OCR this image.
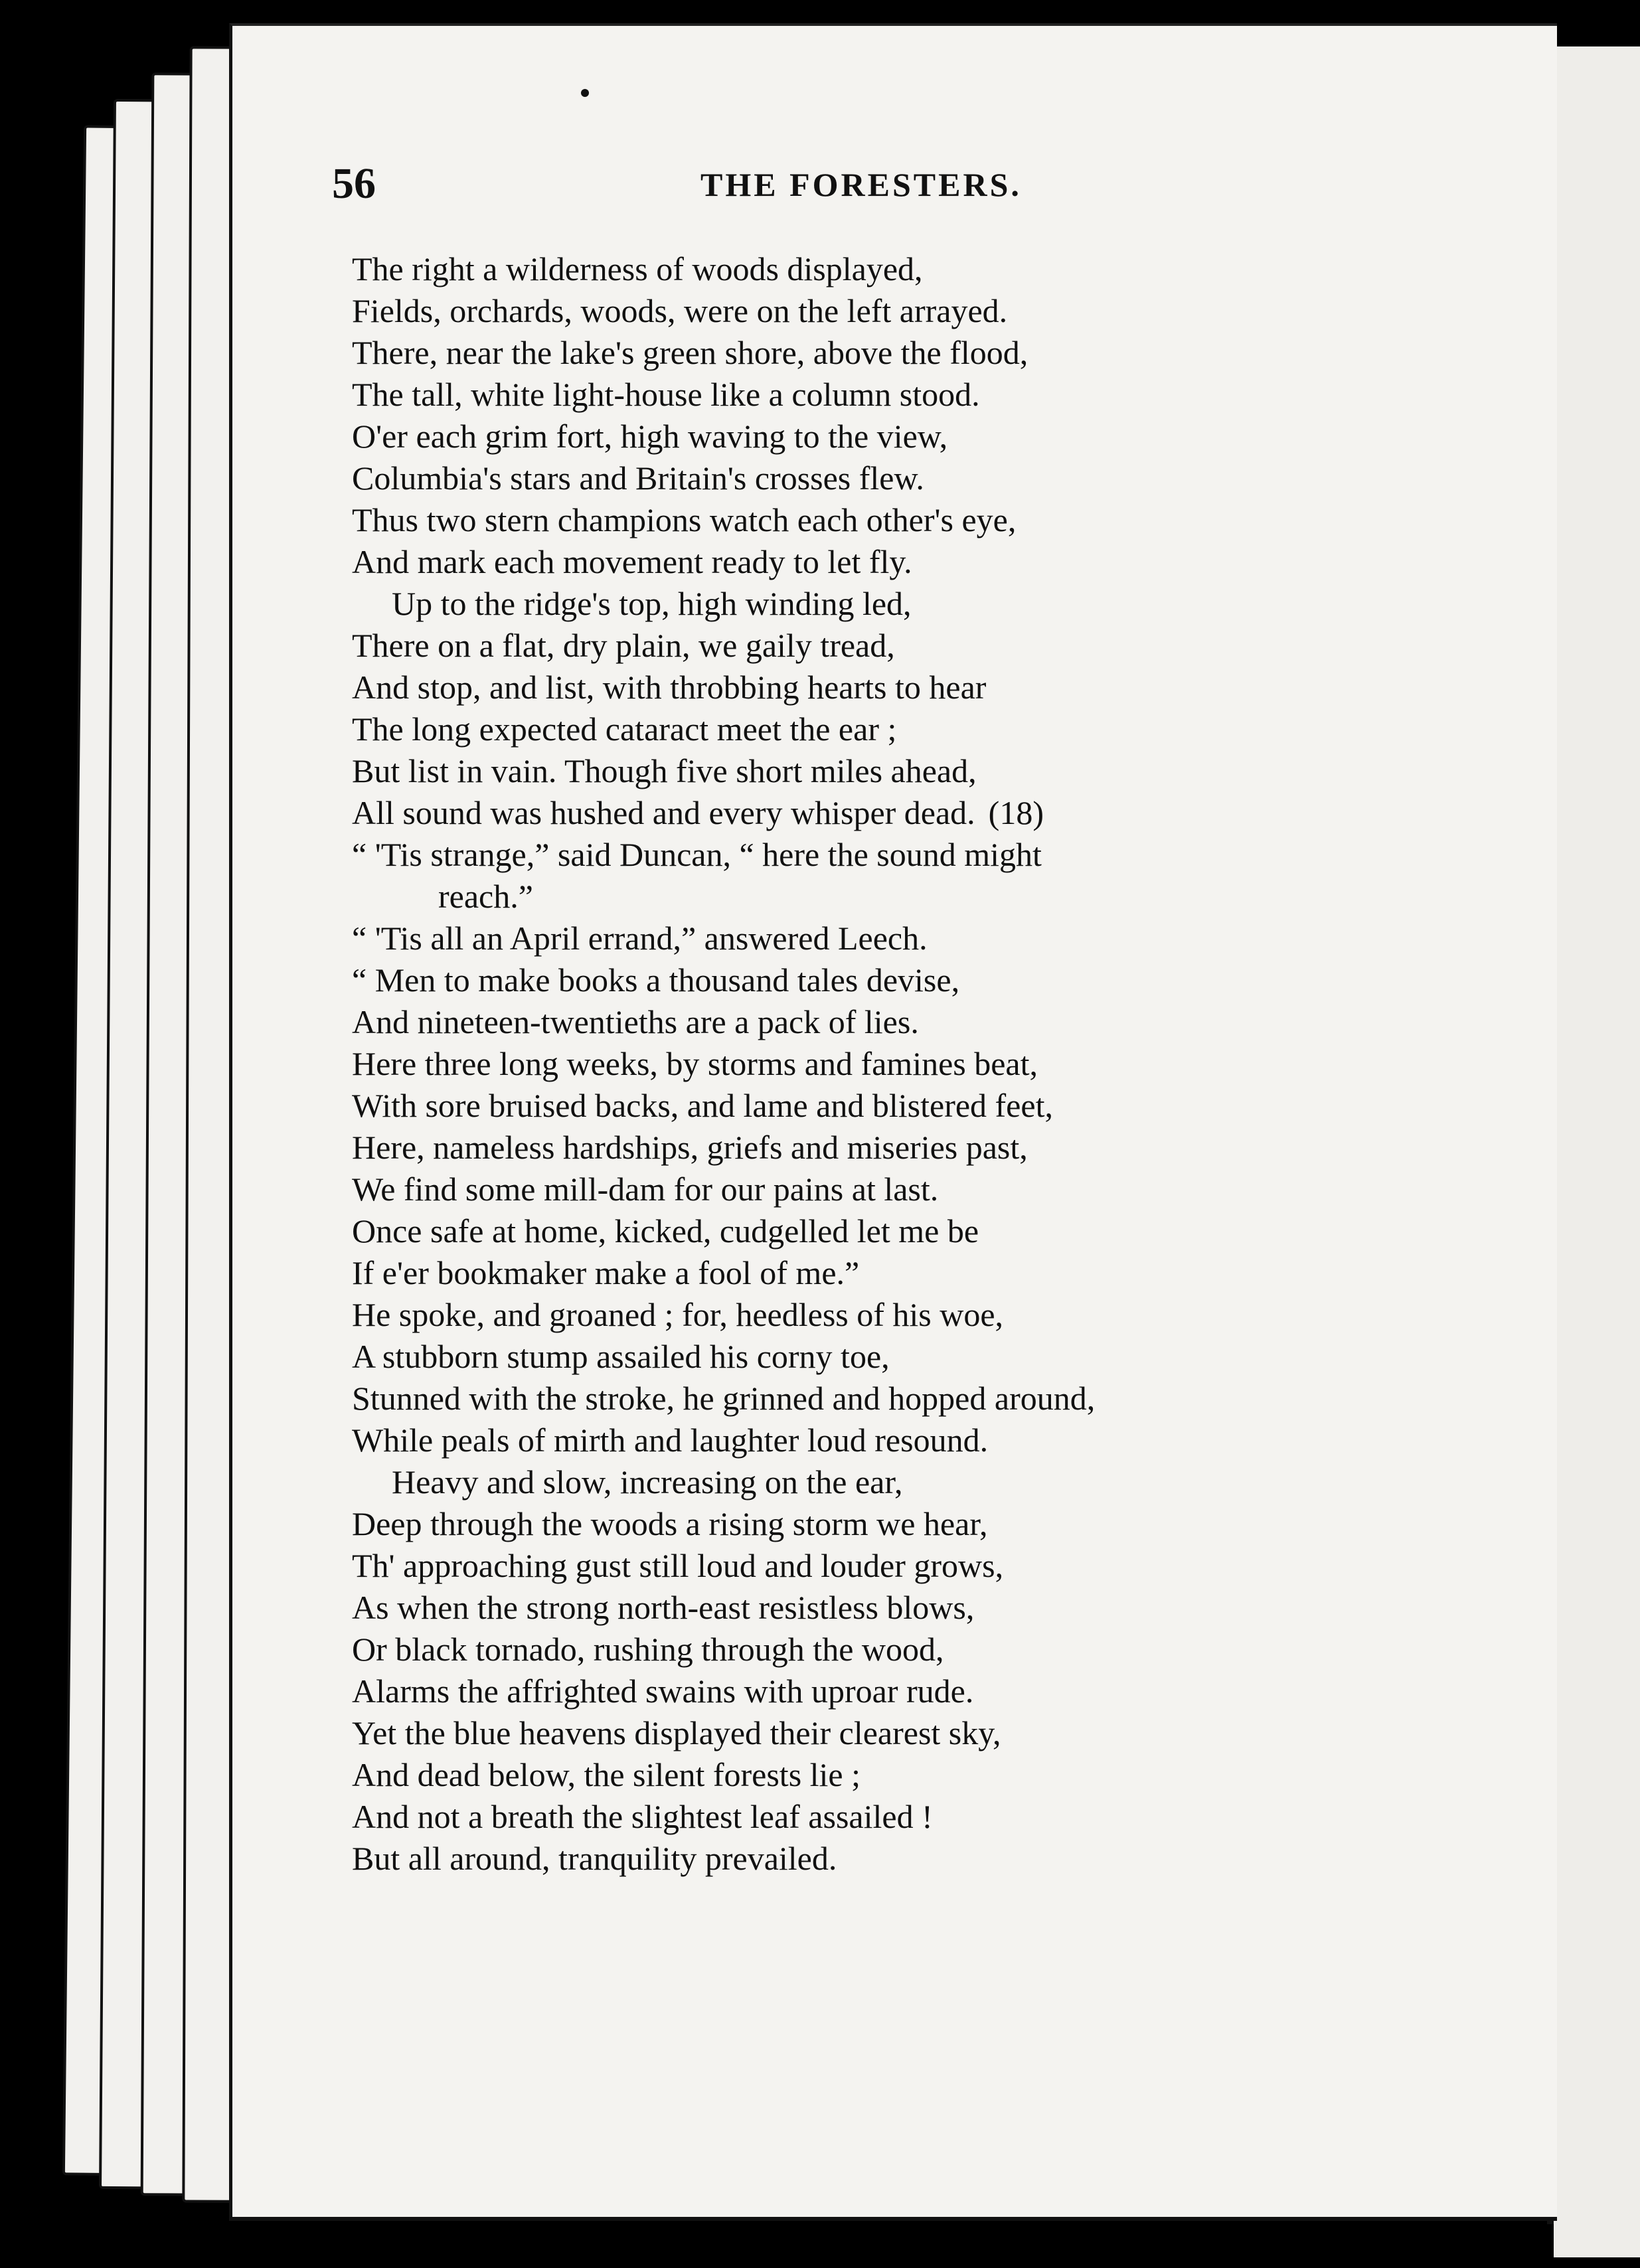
56	THE FORESTERS.
The right a wilderness of woods displayed,
Fields, orchards, woods, were on the left arrayed.
There, near the lake's green shore, above the flood,
The tall, white light-house like a column stood.
O'er each grim fort, high waving to the view,
Columbia's stars and Britain's crosses flew.
Thus two stern champions watch each other's eye,
And mark each movement ready to let fly.
Up to the ridge's top, high winding led,
There on a flat, dry plain, we gaily tread,
And stop, and list, with throbbing hearts to hear
The long expected cataract meet the ear ;
But list in vain. Though five short miles ahead,
All sound was hushed and every whisper dead. (18)
“ 'Tis strange,” said Duncan, “ here the sound might
reach.”
“ 'Tis all an April errand,” answered Leech.
“ Men to make books a thousand tales devise,
And nineteen-twentieths are a pack of lies.
Here three long weeks, by storms and famines beat,
With sore bruised backs, and lame and blistered feet,
Here, nameless hardships, griefs and miseries past,
We find some mill-dam for our pains at last.
Once safe at home, kicked, cudgelled let me be
If e'er bookmaker make a fool of me.”
He spoke, and groaned ; for, heedless of his woe,
A stubborn stump assailed his corny toe,
Stunned with the stroke, he grinned and hopped around,
While peals of mirth and laughter loud resound.
Heavy and slow, increasing on the ear,
Deep through the woods a rising storm we hear,
Th' approaching gust still loud and louder grows,
As when the strong north-east resistless blows,
Or black tornado, rushing through the wood,
Alarms the affrighted swains with uproar rude.
Yet the blue heavens displayed their clearest sky,
And dead below, the silent forests lie ;
And not a breath the slightest leaf assailed !
But all around, tranquility prevailed.
